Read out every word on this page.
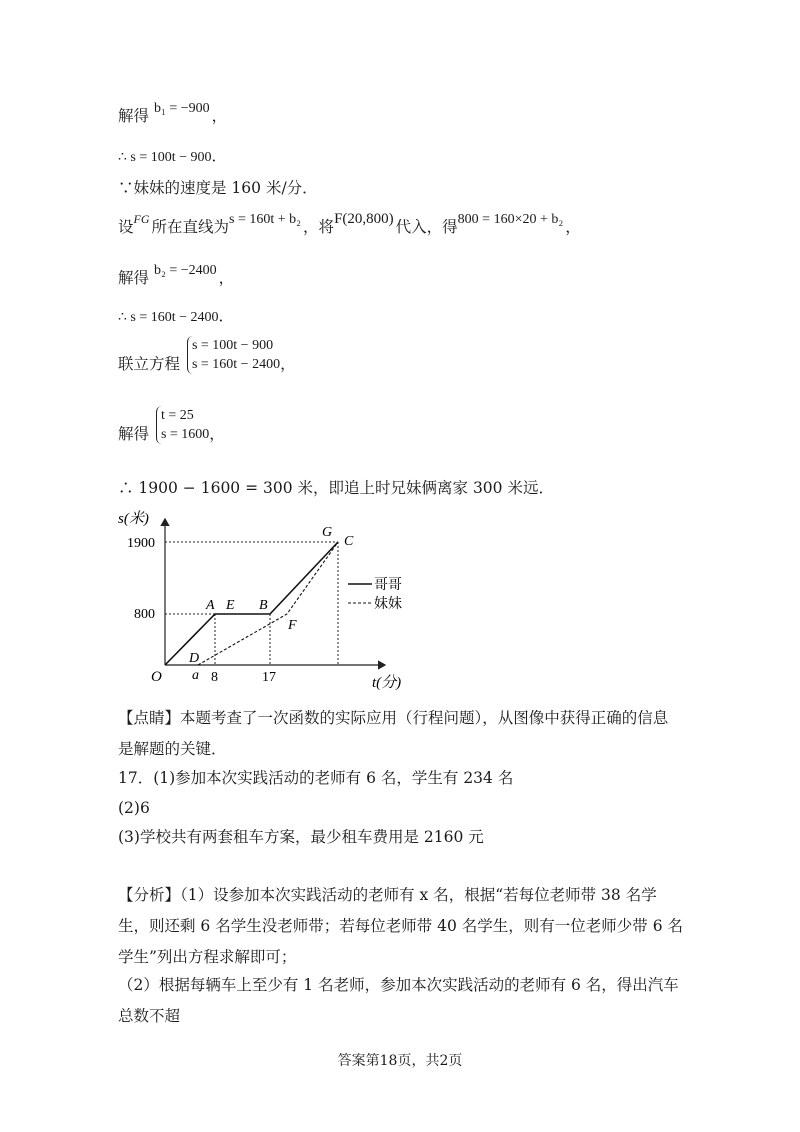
解得 b₁ = −900 ，
∴ s = 100t − 900．
∵妹妹的速度是 160 米/分．
设$^{FG}$ 所在直线为s = 160t + b₂ ，将F(20,800) 代入，得800 = 160×20 + b₂ ，
解得 b₂ = −2400 ，
∴ s = 160t − 2400．
联立方程
s = 100t − 900
s = 160t − 2400 ，
解得
t = 25
s = 1600 ，
∴ 1900 − 1600 = 300 米，即追上时兄妹俩离家 300 米远．
s(米)
t(分)
O
1900
800
8	17
a
A	B
C
D
E
F
G
哥哥
妹妹
【点睛】本题考查了一次函数的实际应用（行程问题），从图像中获得正确的信息是解题的关键．
17．(1)参加本次实践活动的老师有 6 名，学生有 234 名
(2)6
(3)学校共有两套租车方案，最少租车费用是 2160 元
【分析】（1）设参加本次实践活动的老师有 x 名，根据“若每位老师带 38 名学生，则还剩 6 名学生没老师带；若每位老师带 40 名学生，则有一位老师少带 6 名学生”列出方程求解即可；
（2）根据每辆车上至少有 1 名老师，参加本次实践活动的老师有 6 名，得出汽车总数不超
答案第18页，共2页
